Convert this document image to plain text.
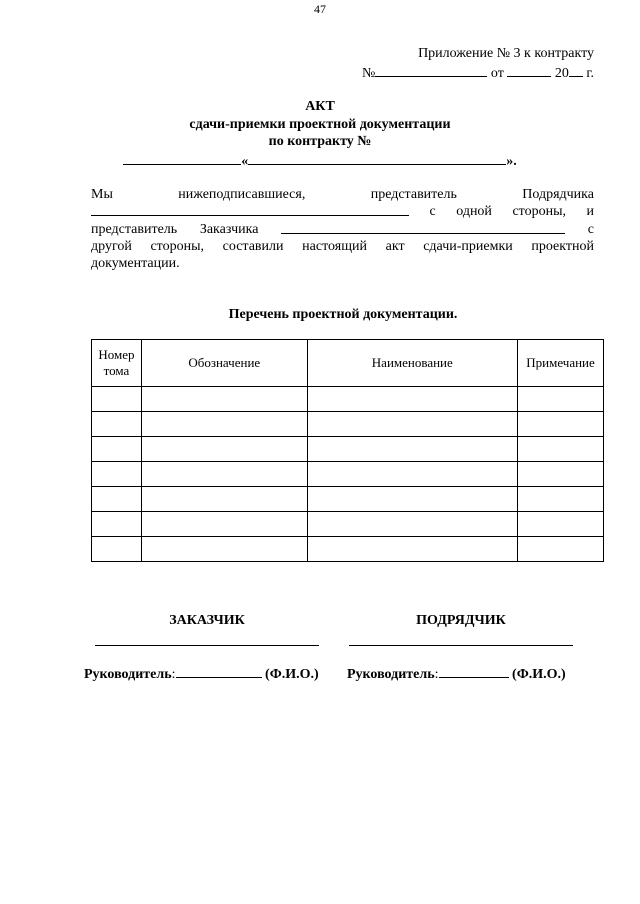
47
Приложение № 3 к контракту
№	от	20 г.
АКТ
сдачи-приемки проектной документации
по контракту №
«	».
Мы	нижеподписавшиеся,	представитель	Подрядчика
с одной стороны, и
представитель Заказчика	с
другой стороны, составили настоящий акт сдачи-приемки проектной
документации.
Перечень проектной документации.
Номер тома	Обозначение	Наименование	Примечание

ЗАКАЗЧИК	ПОДРЯДЧИК
Руководитель:	(Ф.И.О.) Руководитель:	(Ф.И.О.)
